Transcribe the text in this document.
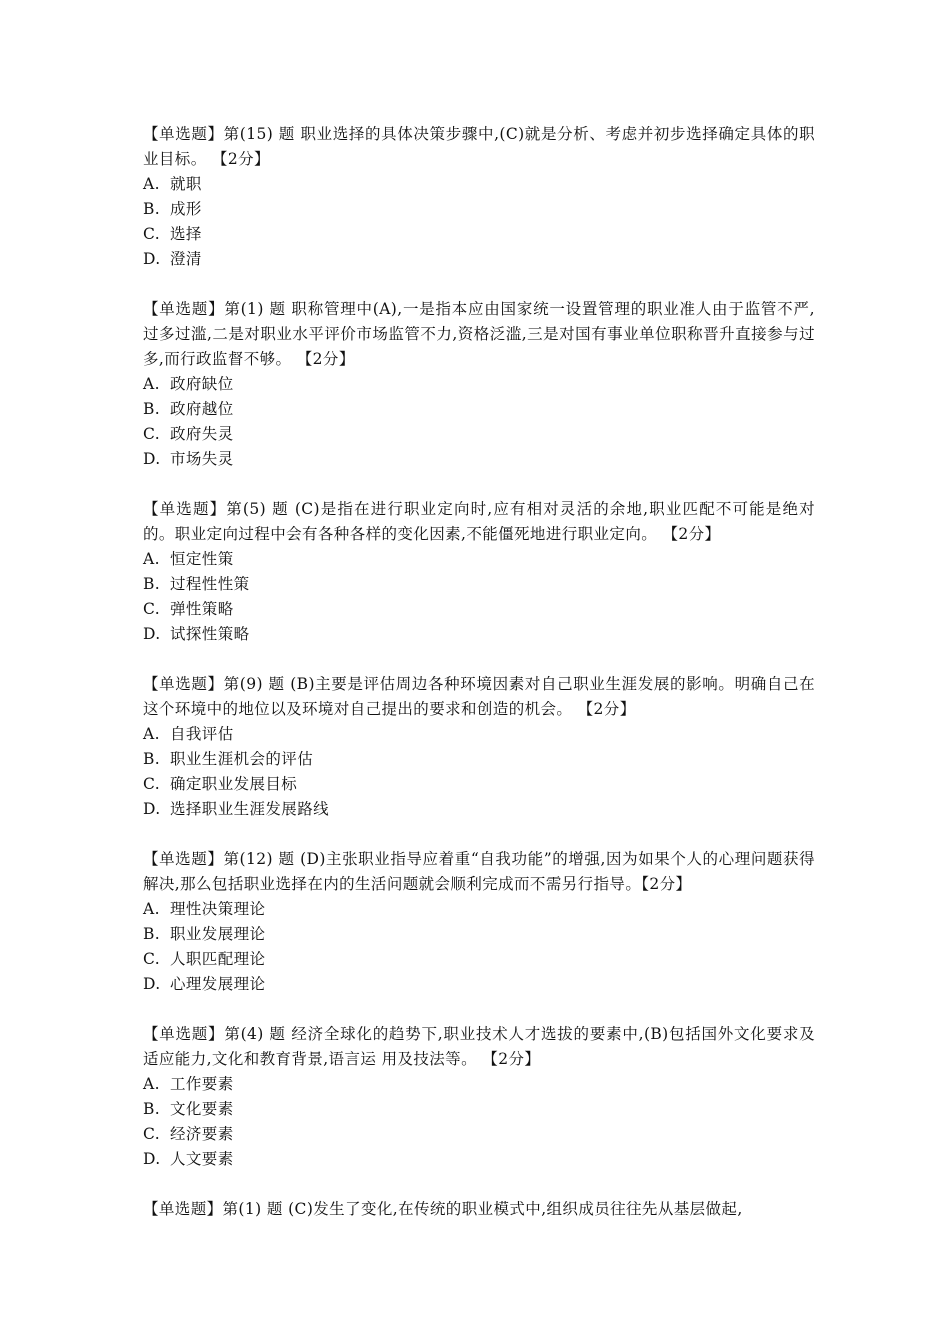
【单选题】第(15) 题 职业选择的具体决策步骤中,(C)就是分析、考虑并初步选择确定具体的职业目标。 【2分】

A. 就职
B. 成形
C. 选择
D. 澄清

【单选题】第(1) 题 职称管理中(A),一是指本应由国家统一设置管理的职业准人由于监管不严,过多过滥,二是对职业水平评价市场监管不力,资格泛滥,三是对国有事业单位职称晋升直接参与过多,而行政监督不够。 【2分】

A. 政府缺位
B. 政府越位
C. 政府失灵
D. 市场失灵

【单选题】第(5) 题 (C)是指在进行职业定向时,应有相对灵活的余地,职业匹配不可能是绝对的。职业定向过程中会有各种各样的变化因素,不能僵死地进行职业定向。 【2分】

A. 恒定性策
B. 过程性性策
C. 弹性策略
D. 试探性策略

【单选题】第(9) 题 (B)主要是评估周边各种环境因素对自己职业生涯发展的影响。明确自己在这个环境中的地位以及环境对自己提出的要求和创造的机会。 【2分】

A. 自我评估
B. 职业生涯机会的评估
C. 确定职业发展目标
D. 选择职业生涯发展路线

【单选题】第(12) 题 (D)主张职业指导应着重“自我功能”的增强,因为如果个人的心理问题获得解决,那么包括职业选择在内的生活问题就会顺利完成而不需另行指导。【2分】

A. 理性决策理论
B. 职业发展理论
C. 人职匹配理论
D. 心理发展理论

【单选题】第(4) 题 经济全球化的趋势下,职业技术人才选拔的要素中,(B)包括国外文化要求及适应能力,文化和教育背景,语言运 用及技法等。 【2分】

A. 工作要素
B. 文化要素
C. 经济要素
D. 人文要素

【单选题】第(1) 题 (C)发生了变化,在传统的职业模式中,组织成员往往先从基层做起,
